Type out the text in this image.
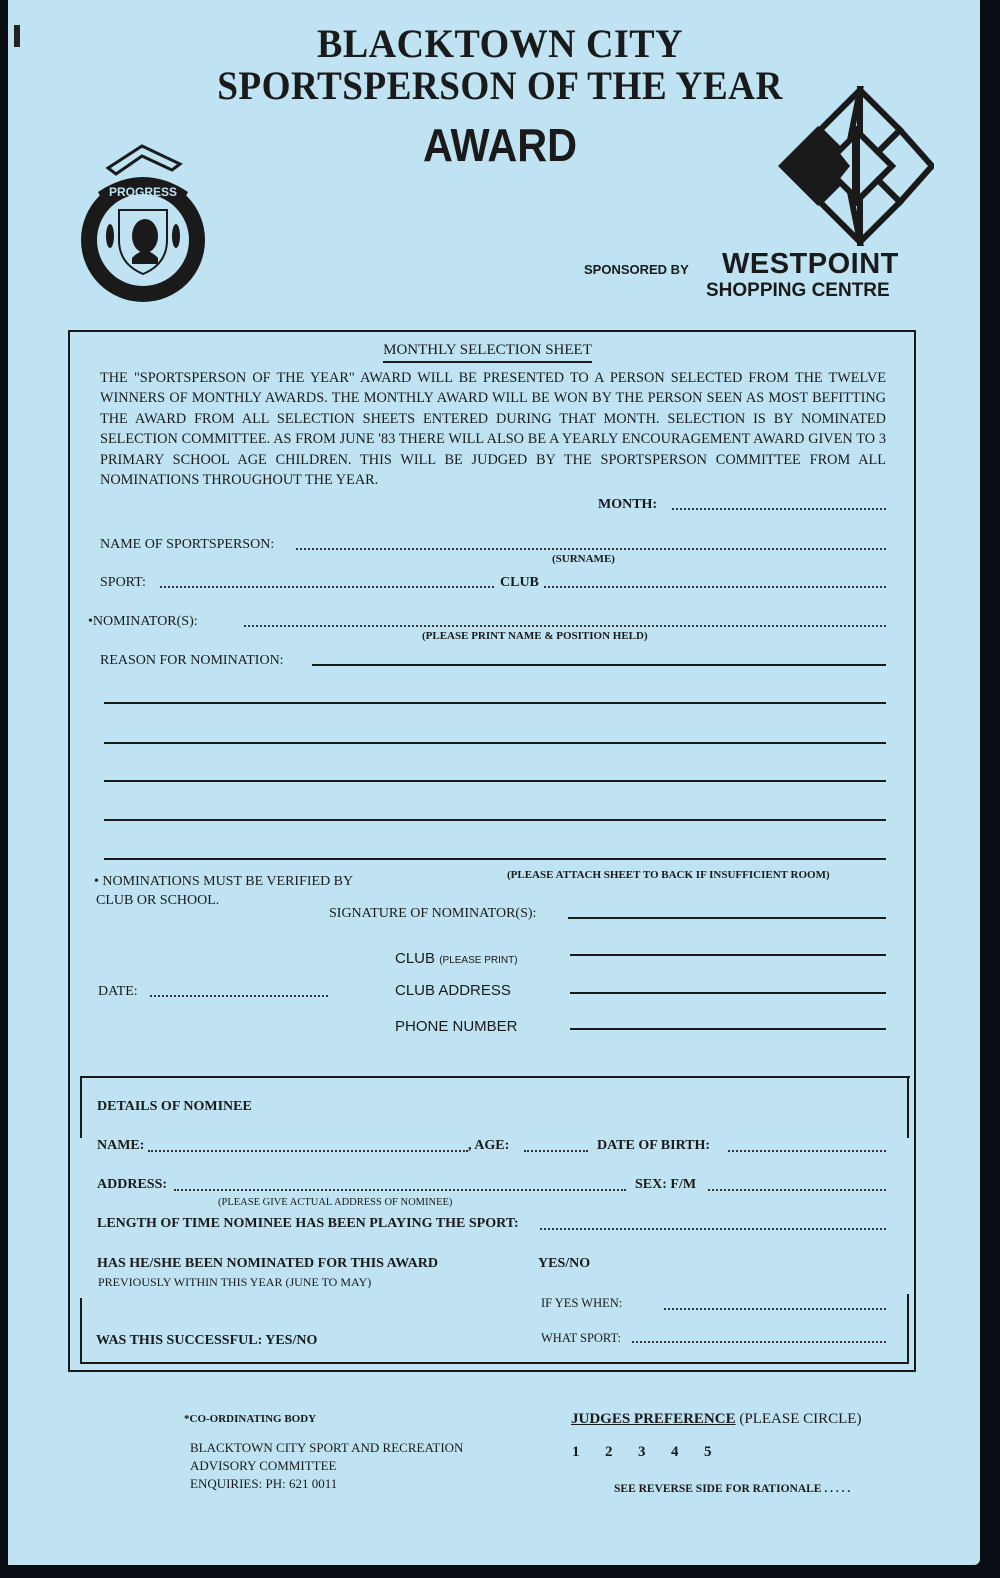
BLACKTOWN CITY
SPORTSPERSON OF THE YEAR
AWARD
PROGRESS
SPONSORED BY WESTPOINT
SHOPPING CENTRE
MONTHLY SELECTION SHEET
THE "SPORTSPERSON OF THE YEAR" AWARD WILL BE PRESENTED TO A PERSON SELECTED FROM THE TWELVE WINNERS OF MONTHLY AWARDS. THE MONTHLY AWARD WILL BE WON BY THE PERSON SEEN AS MOST BEFITTING THE AWARD FROM ALL SELECTION SHEETS ENTERED DURING THAT MONTH. SELECTION IS BY NOMINATED SELECTION COMMITTEE. AS FROM JUNE '83 THERE WILL ALSO BE A YEARLY ENCOURAGEMENT AWARD GIVEN TO 3 PRIMARY SCHOOL AGE CHILDREN. THIS WILL BE JUDGED BY THE SPORTSPERSON COMMITTEE FROM ALL NOMINATIONS THROUGHOUT THE YEAR.
MONTH:
NAME OF SPORTSPERSON:
(SURNAME)
SPORT:	CLUB
•NOMINATOR(S):
(PLEASE PRINT NAME & POSITION HELD)
REASON FOR NOMINATION:
(PLEASE ATTACH SHEET TO BACK IF INSUFFICIENT ROOM)
• NOMINATIONS MUST BE VERIFIED BY
CLUB OR SCHOOL.
SIGNATURE OF NOMINATOR(S):
CLUB (PLEASE PRINT)
DATE:	CLUB ADDRESS
PHONE NUMBER
DETAILS OF NOMINEE
NAME:	, AGE:	DATE OF BIRTH:
ADDRESS:	SEX: F/M
(PLEASE GIVE ACTUAL ADDRESS OF NOMINEE)
LENGTH OF TIME NOMINEE HAS BEEN PLAYING THE SPORT:
HAS HE/SHE BEEN NOMINATED FOR THIS AWARD
PREVIOUSLY WITHIN THIS YEAR (JUNE TO MAY)
YES/NO
IF YES WHEN:
WAS THIS SUCCESSFUL: YES/NO	WHAT SPORT:
*CO-ORDINATING BODY
BLACKTOWN CITY SPORT AND RECREATION
ADVISORY COMMITTEE
ENQUIRIES: PH: 621 0011
JUDGES PREFERENCE (PLEASE CIRCLE)
1 2 3 4 5
SEE REVERSE SIDE FOR RATIONALE . . . . .
